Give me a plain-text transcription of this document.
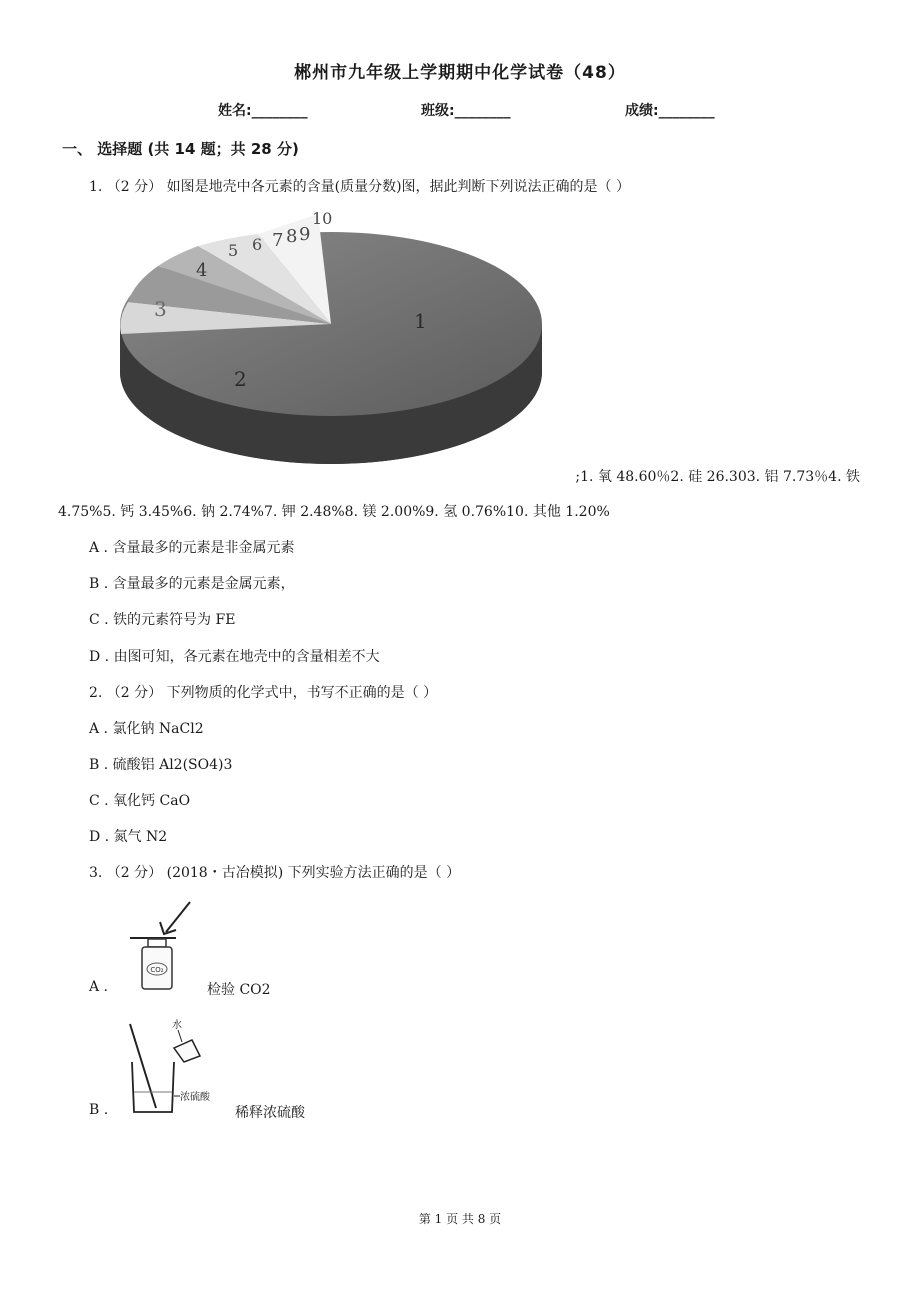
郴州市九年级上学期期中化学试卷（48）
姓名:________	班级:________	成绩:________
一、 选择题 (共 14 题；共 28 分)
1. （2 分） 如图是地壳中各元素的含量(质量分数)图，据此判断下列说法正确的是（ ）
1
2
3
4
5 6 7 8 9
10
;1. 氧 48.60％2. 硅 26.303. 铝 7.73％4. 铁
4.75%5. 钙 3.45%6. 钠 2.74%7. 钾 2.48%8. 镁 2.00%9. 氢 0.76%10. 其他 1.20%
A . 含量最多的元素是非金属元素
B . 含量最多的元素是金属元素，
C . 铁的元素符号为 FE
D . 由图可知，各元素在地壳中的含量相差不大
2. （2 分） 下列物质的化学式中，书写不正确的是（ ）
A . 氯化钠 NaCl2
B . 硫酸铝 Al2(SO4)3
C . 氧化钙 CaO
D . 氮气 N2
3. （2 分） (2018・古冶模拟) 下列实验方法正确的是（ ）
A .
CO₂
检验 CO2
B .
水
浓硫酸
稀释浓硫酸
第 1 页 共 8 页
